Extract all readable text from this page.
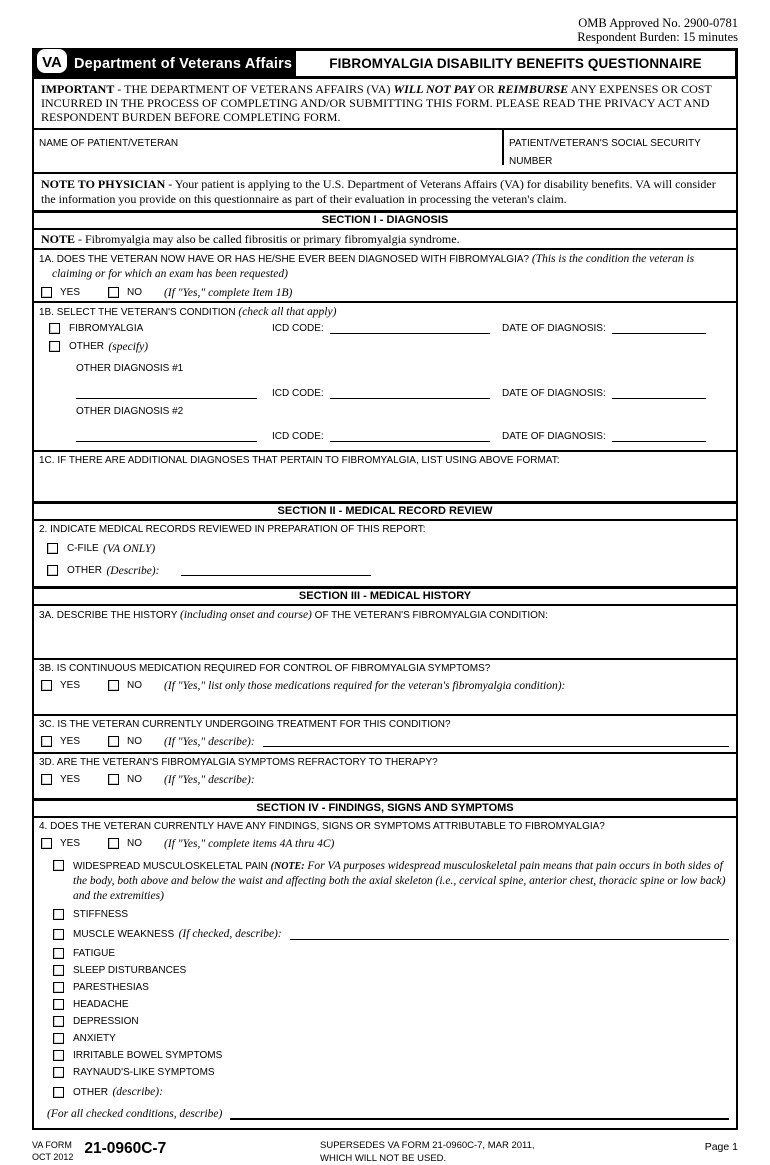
OMB Approved No. 2900-0781
Respondent Burden: 15 minutes
VA Department of Veterans Affairs	FIBROMYALGIA DISABILITY BENEFITS QUESTIONNAIRE
IMPORTANT - THE DEPARTMENT OF VETERANS AFFAIRS (VA) WILL NOT PAY OR REIMBURSE ANY EXPENSES OR COST INCURRED IN THE PROCESS OF COMPLETING AND/OR SUBMITTING THIS FORM. PLEASE READ THE PRIVACY ACT AND RESPONDENT BURDEN BEFORE COMPLETING FORM.
NAME OF PATIENT/VETERAN	PATIENT/VETERAN'S SOCIAL SECURITY NUMBER
NOTE TO PHYSICIAN - Your patient is applying to the U.S. Department of Veterans Affairs (VA) for disability benefits. VA will consider the information you provide on this questionnaire as part of their evaluation in processing the veteran's claim.
SECTION I - DIAGNOSIS
NOTE - Fibromyalgia may also be called fibrositis or primary fibromyalgia syndrome.
1A. DOES THE VETERAN NOW HAVE OR HAS HE/SHE EVER BEEN DIAGNOSED WITH FIBROMYALGIA? (This is the condition the veteran is claiming or for which an exam has been requested)
YES	NO (If "Yes," complete Item 1B)
1B. SELECT THE VETERAN'S CONDITION (check all that apply)
FIBROMYALGIA	ICD CODE:	DATE OF DIAGNOSIS:
OTHER
(specify)
OTHER DIAGNOSIS #1
ICD CODE:	DATE OF DIAGNOSIS:
OTHER DIAGNOSIS #2
ICD CODE:	DATE OF DIAGNOSIS:
1C. IF THERE ARE ADDITIONAL DIAGNOSES THAT PERTAIN TO FIBROMYALGIA, LIST USING ABOVE FORMAT:
SECTION II - MEDICAL RECORD REVIEW
2. INDICATE MEDICAL RECORDS REVIEWED IN PREPARATION OF THIS REPORT:
C-FILE
(VA ONLY)
OTHER
(Describe):
SECTION III - MEDICAL HISTORY
3A. DESCRIBE THE HISTORY (including onset and course) OF THE VETERAN'S FIBROMYALGIA CONDITION:
3B. IS CONTINUOUS MEDICATION REQUIRED FOR CONTROL OF FIBROMYALGIA SYMPTOMS?
YES	NO (If "Yes," list only those medications required for the veteran's fibromyalgia condition):
3C. IS THE VETERAN CURRENTLY UNDERGOING TREATMENT FOR THIS CONDITION?
YES	NO (If "Yes," describe):
3D. ARE THE VETERAN'S FIBROMYALGIA SYMPTOMS REFRACTORY TO THERAPY?
YES	NO (If "Yes," describe):
SECTION IV - FINDINGS, SIGNS AND SYMPTOMS
4. DOES THE VETERAN CURRENTLY HAVE ANY FINDINGS, SIGNS OR SYMPTOMS ATTRIBUTABLE TO FIBROMYALGIA?
YES	NO (If "Yes," complete items 4A thru 4C)
WIDESPREAD MUSCULOSKELETAL PAIN (NOTE: For VA purposes widespread musculoskeletal pain means that pain occurs in both sides of the body, both above and below the waist and affecting both the axial skeleton (i.e., cervical spine, anterior chest, thoracic spine or low back) and the extremities)
STIFFNESS
MUSCLE WEAKNESS
(If checked, describe):
FATIGUE
SLEEP DISTURBANCES
PARESTHESIAS
HEADACHE
DEPRESSION
ANXIETY
IRRITABLE BOWEL SYMPTOMS
RAYNAUD'S-LIKE SYMPTOMS
OTHER
(describe):
(For all checked conditions, describe)
VA FORM
OCT 2012 21-0960C-7	SUPERSEDES VA FORM 21-0960C-7, MAR 2011,
WHICH WILL NOT BE USED.
Page 1
